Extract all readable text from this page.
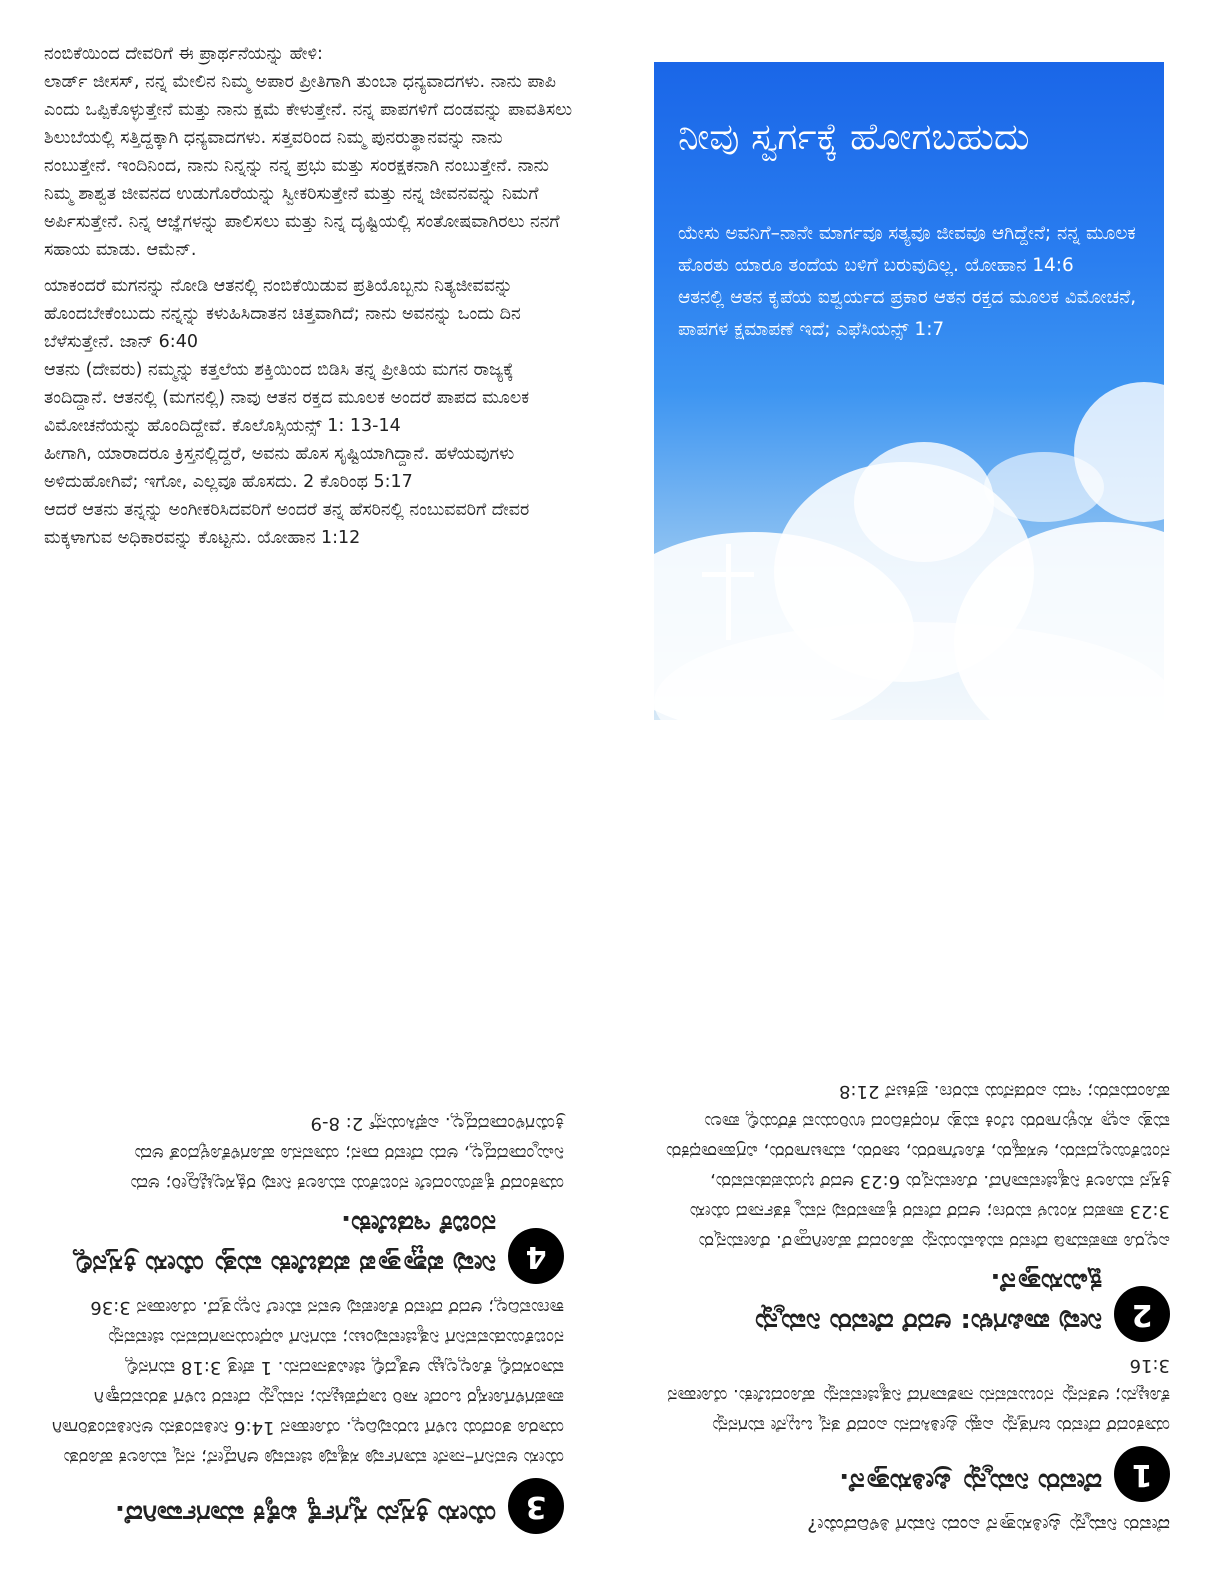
ನಂಬಿಕೆಯಿಂದ ದೇವರಿಗೆ ಈ ಪ್ರಾರ್ಥನೆಯನ್ನು ಹೇಳಿ:
ಲಾರ್ಡ್ ಜೀಸಸ್, ನನ್ನ ಮೇಲಿನ ನಿಮ್ಮ ಅಪಾರ ಪ್ರೀತಿಗಾಗಿ ತುಂಬಾ ಧನ್ಯವಾದಗಳು. ನಾನು ಪಾಪಿ ಎಂದು ಒಪ್ಪಿಕೊಳ್ಳುತ್ತೇನೆ ಮತ್ತು ನಾನು ಕ್ಷಮೆ ಕೇಳುತ್ತೇನೆ. ನನ್ನ ಪಾಪಗಳಿಗೆ ದಂಡವನ್ನು ಪಾವತಿಸಲು ಶಿಲುಬೆಯಲ್ಲಿ ಸತ್ತಿದ್ದಕ್ಕಾಗಿ ಧನ್ಯವಾದಗಳು. ಸತ್ತವರಿಂದ ನಿಮ್ಮ ಪುನರುತ್ಥಾನವನ್ನು ನಾನು ನಂಬುತ್ತೇನೆ. ಇಂದಿನಿಂದ, ನಾನು ನಿನ್ನನ್ನು ನನ್ನ ಪ್ರಭು ಮತ್ತು ಸಂರಕ್ಷಕನಾಗಿ ನಂಬುತ್ತೇನೆ. ನಾನು ನಿಮ್ಮ ಶಾಶ್ವತ ಜೀವನದ ಉಡುಗೊರೆಯನ್ನು ಸ್ವೀಕರಿಸುತ್ತೇನೆ ಮತ್ತು ನನ್ನ ಜೀವನವನ್ನು ನಿಮಗೆ ಅರ್ಪಿಸುತ್ತೇನೆ. ನಿನ್ನ ಆಜ್ಞೆಗಳನ್ನು ಪಾಲಿಸಲು ಮತ್ತು ನಿನ್ನ ದೃಷ್ಟಿಯಲ್ಲಿ ಸಂತೋಷವಾಗಿರಲು ನನಗೆ ಸಹಾಯ ಮಾಡು. ಆಮೆನ್.

ಯಾಕಂದರೆ ಮಗನನ್ನು ನೋಡಿ ಆತನಲ್ಲಿ ನಂಬಿಕೆಯಿಡುವ ಪ್ರತಿಯೊಬ್ಬನು ನಿತ್ಯಜೀವವನ್ನು ಹೊಂದಬೇಕೆಂಬುದು ನನ್ನನ್ನು ಕಳುಹಿಸಿದಾತನ ಚಿತ್ತವಾಗಿದೆ; ನಾನು ಅವನನ್ನು ಒಂದು ದಿನ ಬೆಳೆಸುತ್ತೇನೆ. ಜಾನ್ 6:40

ಆತನು (ದೇವರು) ನಮ್ಮನ್ನು ಕತ್ತಲೆಯ ಶಕ್ತಿಯಿಂದ ಬಿಡಿಸಿ ತನ್ನ ಪ್ರೀತಿಯ ಮಗನ ರಾಜ್ಯಕ್ಕೆ ತಂದಿದ್ದಾನೆ. ಆತನಲ್ಲಿ (ಮಗನಲ್ಲಿ) ನಾವು ಆತನ ರಕ್ತದ ಮೂಲಕ ಅಂದರೆ ಪಾಪದ ಮೂಲಕ ವಿಮೋಚನೆಯನ್ನು ಹೊಂದಿದ್ದೇವೆ. ಕೊಲೊಸ್ಸಿಯನ್ಸ್ 1: 13-14

ಹೀಗಾಗಿ, ಯಾರಾದರೂ ಕ್ರಿಸ್ತನಲ್ಲಿದ್ದರೆ, ಅವನು ಹೊಸ ಸೃಷ್ಟಿಯಾಗಿದ್ದಾನೆ. ಹಳೆಯವುಗಳು ಅಳಿದುಹೋಗಿವೆ; ಇಗೋ, ಎಲ್ಲವೂ ಹೊಸದು. 2 ಕೊರಿಂಥ 5:17

ಆದರೆ ಆತನು ತನ್ನನ್ನು ಅಂಗೀಕರಿಸಿದವರಿಗೆ ಅಂದರೆ ತನ್ನ ಹೆಸರಿನಲ್ಲಿ ನಂಬುವವರಿಗೆ ದೇವರ ಮಕ್ಕಳಾಗುವ ಅಧಿಕಾರವನ್ನು ಕೊಟ್ಟನು. ಯೋಹಾನ 1:12

ನೀವು ಸ್ವರ್ಗಕ್ಕೆ ಹೋಗಬಹುದು
ಯೇಸು ಅವನಿಗೆ–ನಾನೇ ಮಾರ್ಗವೂ ಸತ್ಯವೂ ಜೀವವೂ ಆಗಿದ್ದೇನೆ; ನನ್ನ ಮೂಲಕ ಹೊರತು ಯಾರೂ ತಂದೆಯ ಬಳಿಗೆ ಬರುವುದಿಲ್ಲ. ಯೋಹಾನ 14:6
ಆತನಲ್ಲಿ ಆತನ ಕೃಪೆಯ ಐಶ್ವರ್ಯದ ಪ್ರಕಾರ ಆತನ ರಕ್ತದ ಮೂಲಕ ವಿಮೋಚನೆ, ಪಾಪಗಳ ಕ್ಷಮಾಪಣೆ ಇದೆ; ಎಫೆಸಿಯನ್ಸ್ 1:7
3
ಯೇಸು ಕ್ರಿಸ್ತನು ಸ್ವರ್ಗಕ್ಕೆ ಏಕೈಕ ಮಾರ್ಗವಾಗಿದೆ.

ಯೇಸು ಅವನಿಗೆ–ನಾನೇ ಮಾರ್ಗವೂ ಸತ್ಯವೂ ಜೀವವೂ ಆಗಿದ್ದೇನೆ; ನನ್ನ ಮೂಲಕ ಹೊರತು ಯಾರೂ ತಂದೆಯ ಬಳಿಗೆ ಬರುವುದಿಲ್ಲ. ಯೋಹಾನ 14:6 ನೀತಿವಂತನು ಅನೀತಿವಂತರಿಗಾಗಿ ಪಾಪಗಳಿಗೋಸ್ಕರ ಒಂದೇ ಸಾರಿ ಬಾಧೆಪಟ್ಟನು; ನಮ್ಮನ್ನು ದೇವರ ಬಳಿಗೆ ತರುವದಕ್ಕಾಗಿ ಮಾಂಸದಲ್ಲಿ ಕೊಲ್ಲಲ್ಪಟ್ಟು ಆತ್ಮದಲ್ಲಿ ಜೀವಿತನಾದನು. 1 ಪೇತ್ರ 3:18 ಮಗನಲ್ಲಿ ನಂಬಿಕೆಯಿಡುವವನಿಗೆ ನಿತ್ಯಜೀವವುಂಟು; ಮಗನಿಗೆ ವಿಧೇಯನಾಗದವನು ಜೀವವನ್ನು ಕಾಣುವದಿಲ್ಲ; ಆದರೆ ದೇವರ ಕೋಪವು ಅವನ ಮೇಲೆ ನಿಲ್ಲುತ್ತದೆ. ಯೋಹಾನ 3:36

4
ನೀವು ಪಶ್ಚಾತ್ತಾಪ ಪಡಬೇಕು ಮತ್ತು ಯೇಸು ಕ್ರಿಸ್ತನಲ್ಲಿ ನಂಬಿಕೆ ಇಡಬೇಕು.

ಯಾಕಂದರೆ ಕೃಪೆಯಿಂದಲೇ ನಂಬಿಕೆಯ ಮೂಲಕ ನೀವು ರಕ್ಷಿಸಲ್ಪಟ್ಟಿದ್ದೀರಿ; ಅದು ನಿಮ್ಮಿಂದಾದದ್ದಲ್ಲ, ಅದು ದೇವರ ದಾನ; ಯಾವನೂ ಹೊಗಳಿಕೊಳ್ಳದಂತೆ ಅದು ಕ್ರಿಯೆಗಳಿಂದಾದದ್ದಲ್ಲ. ಎಫೆಸಿಯನ್ಸ್ 2: 8-9

ದೇವರು ನಿಮ್ಮನ್ನು ಪ್ರೀತಿಸುತ್ತಾನೆ ಎಂದು ನಿಮಗೆ ತಿಳಿದಿದೆಯೇ?

1
ದೇವರು ನಿಮ್ಮನ್ನು ಪ್ರೀತಿಸುತ್ತಾನೆ.

ಯಾಕಂದರೆ ದೇವರು ಜಗತ್ತನ್ನು ಎಷ್ಟು ಪ್ರೀತಿಸಿದನು ಎಂದರೆ ತನ್ನ ಒಬ್ಬನೇ ಮಗನನ್ನು ಕೊಟ್ಟನು; ಆತನನ್ನು ನಂಬುವವನು ನಾಶವಾಗದೆ ನಿತ್ಯಜೀವವನ್ನು ಹೊಂದಬೇಕು. ಯೋಹಾನ 3:16

2
ನೀವು ಪಾಪಿಗಳು: ಆದರೆ ದೇವರು ನಿಮ್ಮನ್ನು ಕ್ಷಮಿಸುತ್ತಾನೆ.

ಎಲ್ಲರೂ ಪಾಪಮಾಡಿ ದೇವರ ಮಹಿಮೆಯನ್ನು ಹೊಂದದೆ ಹೋಗಿದ್ದಾರೆ. ರೋಮನ್ನರು 3:23 ಪಾಪದ ಸಂಬಳ ಮರಣ; ಆದರೆ ದೇವರ ಕೃಪಾವರವು ನಮ್ಮ ಕರ್ತನಾದ ಯೇಸು ಕ್ರಿಸ್ತನ ಮೂಲಕ ನಿತ್ಯಜೀವವಾಗಿದೆ. ರೋಮನ್ನರು 6:23 ಆದರೆ ಭಯಪಡುವವರು, ನಂಬಿಕೆಯಿಲ್ಲದವರು, ಅಸಹ್ಯರು, ಕೊಲೆಗಾರರು, ಜಾರರು, ಮಾಟಗಾರರು, ವಿಗ್ರಹಾರಾಧಕರು ಮತ್ತು ಎಲ್ಲಾ ಸುಳ್ಳುಗಾರರು ಬೆಂಕಿ ಮತ್ತು ಗಂಧಕದಿಂದ ಉರಿಯುವ ಕೆರೆಯಲ್ಲಿ ಪಾಲು ಹೊಂದುವರು; ಇದು ಎರಡನೆಯ ಮರಣ. ಪ್ರಕಟನೆ 21:8
